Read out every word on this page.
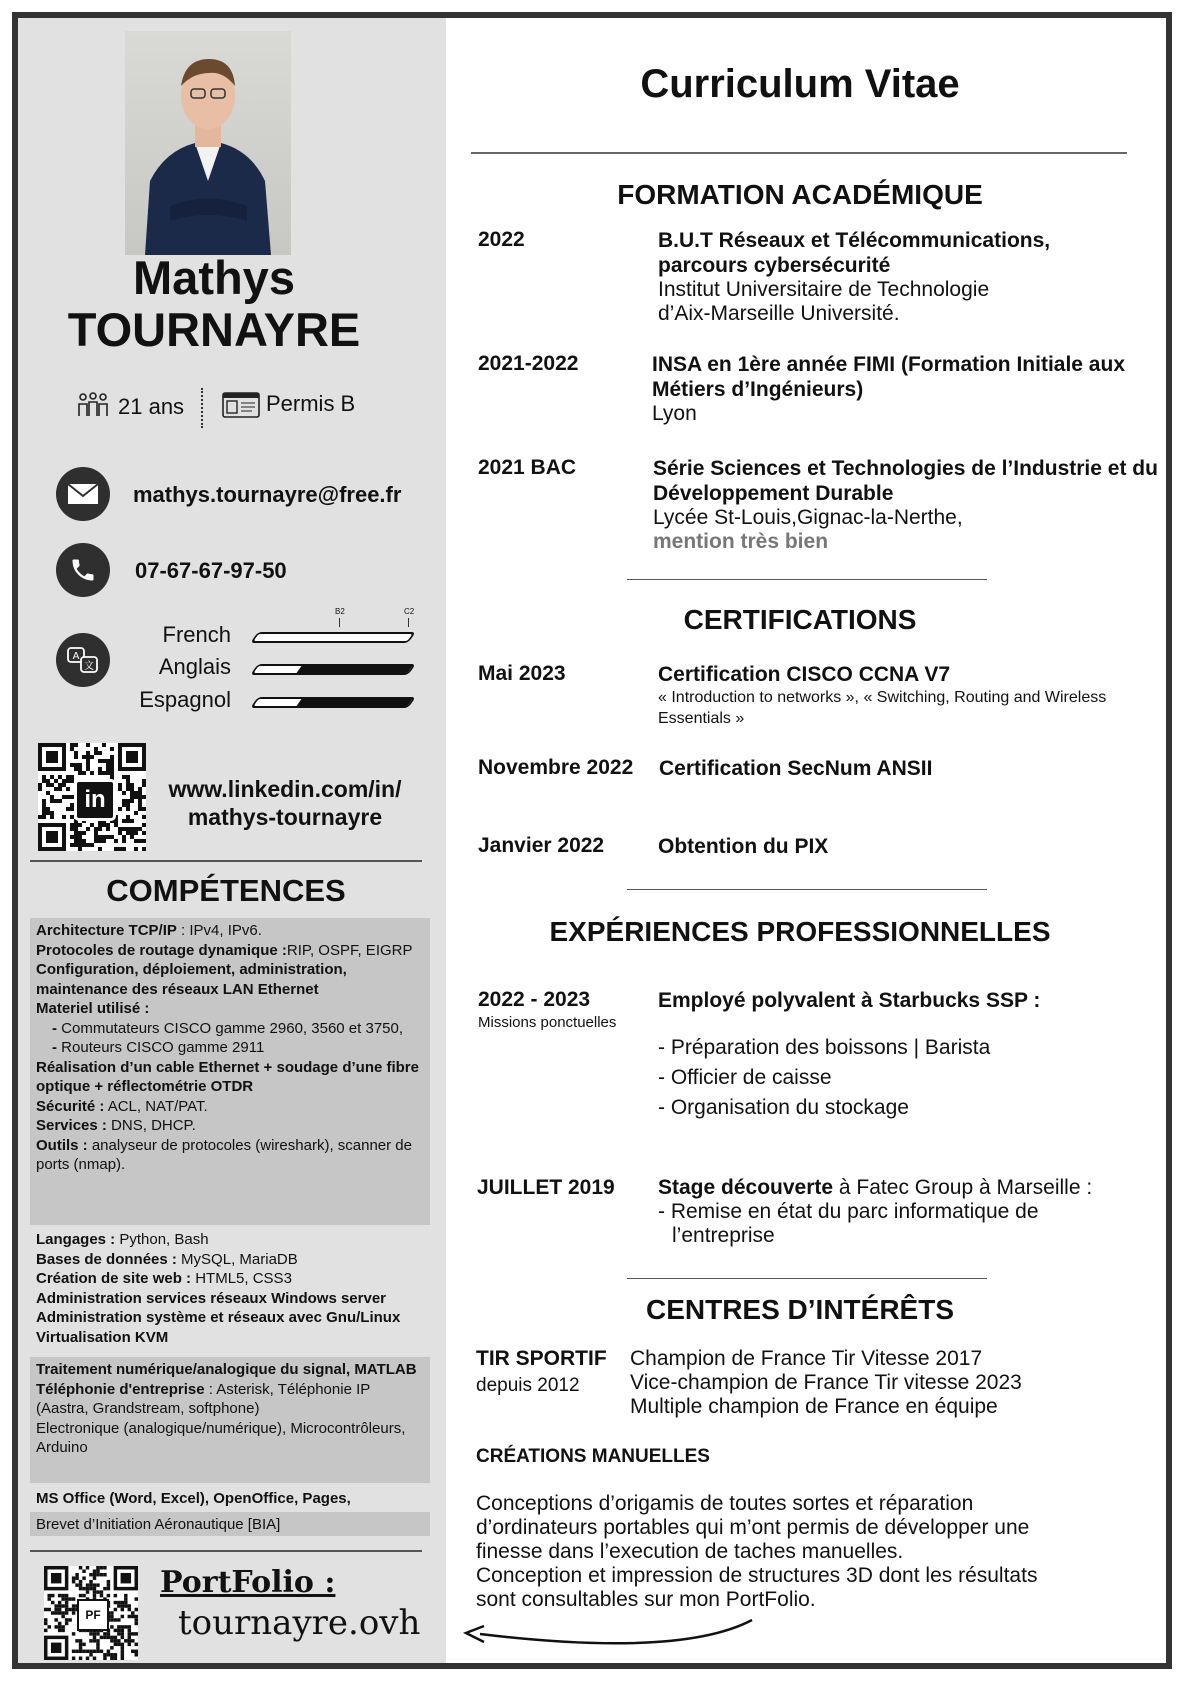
Mathys
TOURNAYRE
21 ans	Permis B
mathys.tournayre@free.fr
07-67-67-97-50
A
文
B2	C2
French
Anglais
Espagnol
in	www.linkedin.com/in/
mathys-tournayre
COMPÉTENCES
Architecture TCP/IP : IPv4, IPv6.
Protocoles de routage dynamique :RIP, OSPF, EIGRP
Configuration, déploiement, administration, maintenance des réseaux LAN Ethernet
Materiel utilisé :
- Commutateurs CISCO gamme 2960, 3560 et 3750,
- Routeurs CISCO gamme 2911
Réalisation d’un cable Ethernet + soudage d’une fibre optique + réflectométrie OTDR
Sécurité : ACL, NAT/PAT.
Services : DNS, DHCP.
Outils : analyseur de protocoles (wireshark), scanner de ports (nmap).
Langages : Python, Bash
Bases de données : MySQL, MariaDB
Création de site web : HTML5, CSS3
Administration services réseaux Windows server
Administration système et réseaux avec Gnu/Linux
Virtualisation KVM
Traitement numérique/analogique du signal, MATLAB
Téléphonie d'entreprise : Asterisk, Téléphonie IP (Aastra, Grandstream, softphone)
Electronique (analogique/numérique), Microcontrôleurs, Arduino
MS Office (Word, Excel), OpenOffice, Pages,
Brevet d’Initiation Aéronautique [BIA]
PF
PortFolio :
tournayre.ovh
Curriculum Vitae
FORMATION ACADÉMIQUE
2022	B.U.T Réseaux et Télécommunications, parcours cybersécurité
Institut Universitaire de Technologie
d’Aix-Marseille Université.
2021-2022	INSA en 1ère année FIMI (Formation Initiale aux Métiers d’Ingénieurs)
Lyon
2021 BAC	Série Sciences et Technologies de l’Industrie et du Développement Durable
Lycée St-Louis,Gignac-la-Nerthe,
mention très bien
CERTIFICATIONS
Mai 2023	Certification CISCO CCNA V7
« Introduction to networks », « Switching, Routing and Wireless Essentials »
Novembre 2022 Certification SecNum ANSII
Janvier 2022	Obtention du PIX
EXPÉRIENCES PROFESSIONNELLES
2022 - 2023
Missions ponctuelles
Employé polyvalent à Starbucks SSP :
- Préparation des boissons | Barista
- Officier de caisse
- Organisation du stockage
JUILLET 2019 Stage découverte à Fatec Group à Marseille :
- Remise en état du parc informatique de
l’entreprise
CENTRES D’INTÉRÊTS
TIR SPORTIF
depuis 2012
Champion de France Tir Vitesse 2017
Vice-champion de France Tir vitesse 2023
Multiple champion de France en équipe
CRÉATIONS MANUELLES
Conceptions d’origamis de toutes sortes et réparation
d’ordinateurs portables qui m’ont permis de développer une
finesse dans l’execution de taches manuelles.
Conception et impression de structures 3D dont les résultats
sont consultables sur mon PortFolio.
